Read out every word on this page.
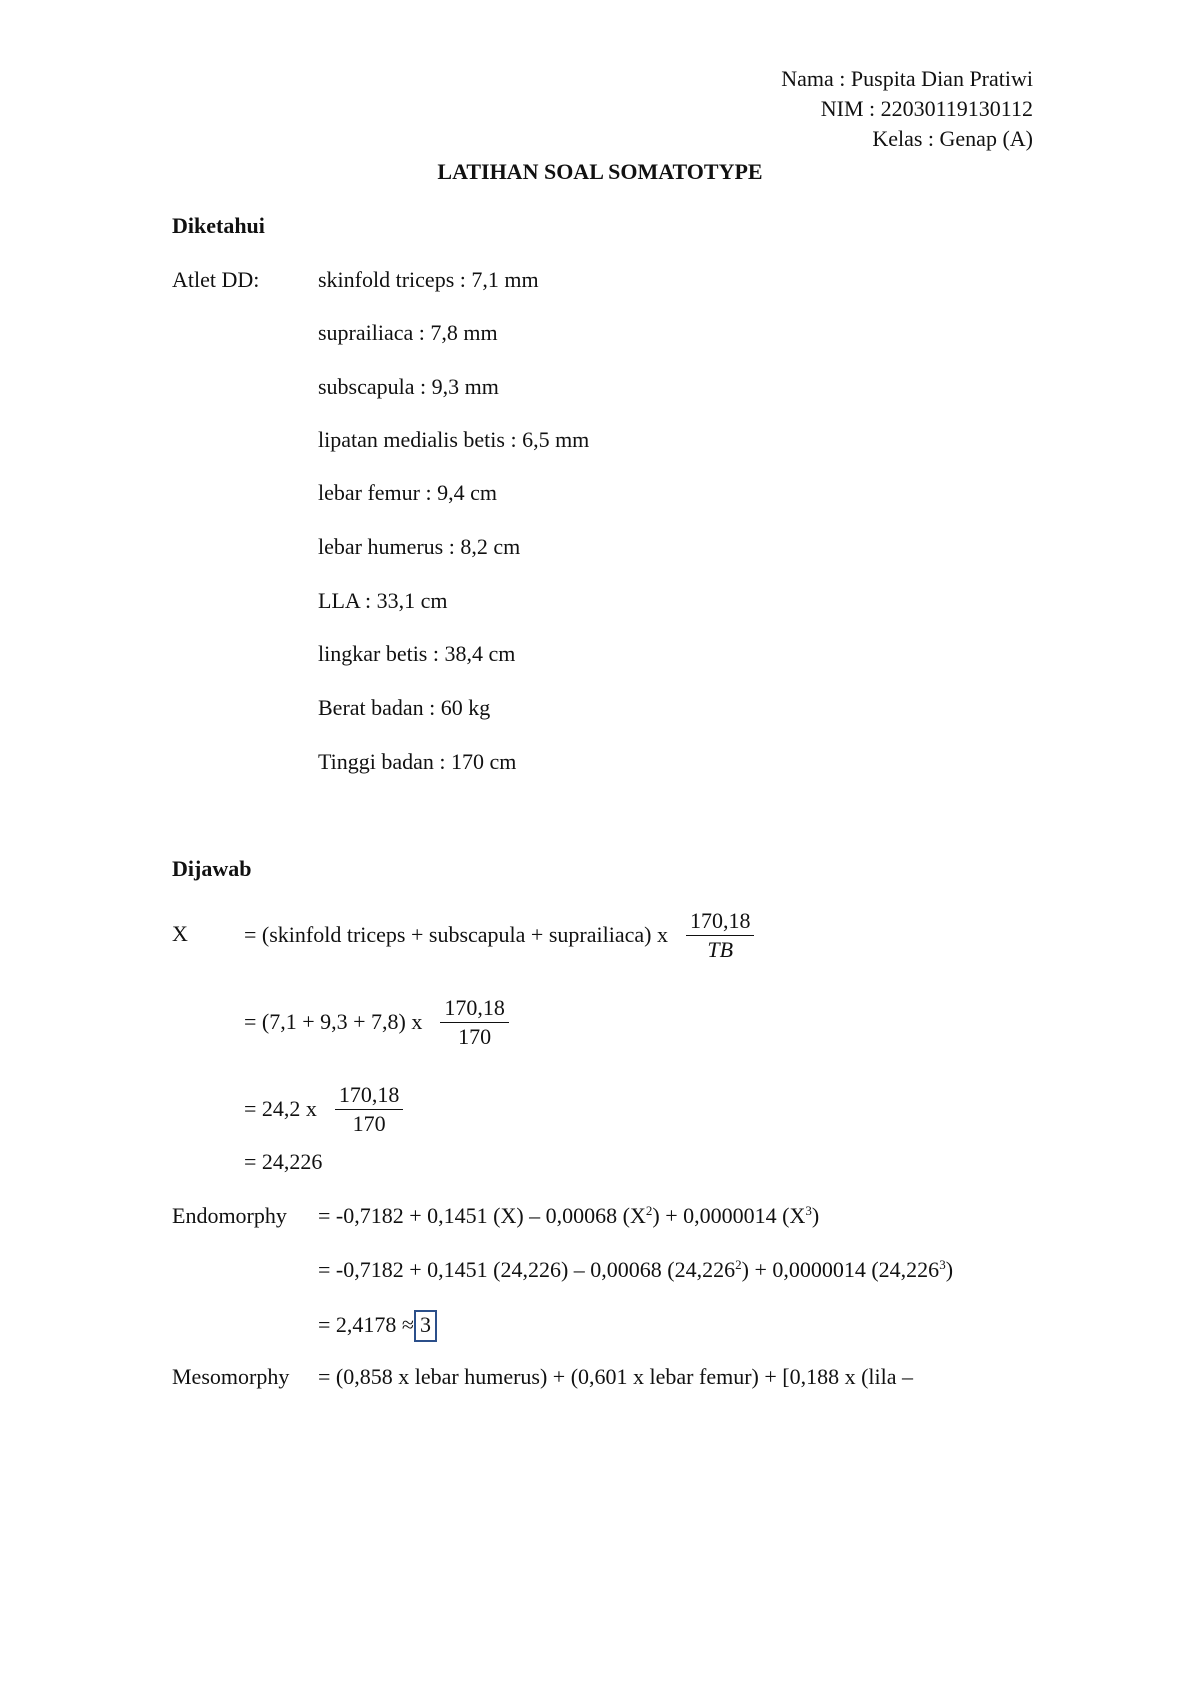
Nama : Puspita Dian Pratiwi
NIM : 22030119130112
Kelas : Genap (A)
LATIHAN SOAL SOMATOTYPE
Diketahui
Atlet DD:	skinfold triceps : 7,1 mm
suprailiaca : 7,8 mm
subscapula : 9,3 mm
lipatan medialis betis : 6,5 mm
lebar femur : 9,4 cm
lebar humerus : 8,2 cm
LLA : 33,1 cm
lingkar betis : 38,4 cm
Berat badan : 60 kg
Tinggi badan : 170 cm
Dijawab
X	= (skinfold triceps + subscapula + suprailiaca) x $\frac{170,18}{TB}$
= (7,1 + 9,3 + 7,8) x $\frac{170,18}{170}$
= 24,2 x $\frac{170,18}{170}$
= 24,226
Endomorphy = -0,7182 + 0,1451 (X) – 0,00068 $(X^2) + 0,0000014$ $(X^3)$
= -0,7182 + 0,1451 (24,226) – 0,00068 $(24,226^2) + 0,0000014$ $(24,226^3)$
= 2,4178 ≈ 3
Mesomorphy = (0,858 x lebar humerus) + (0,601 x lebar femur) + [0,188 x (lila –
